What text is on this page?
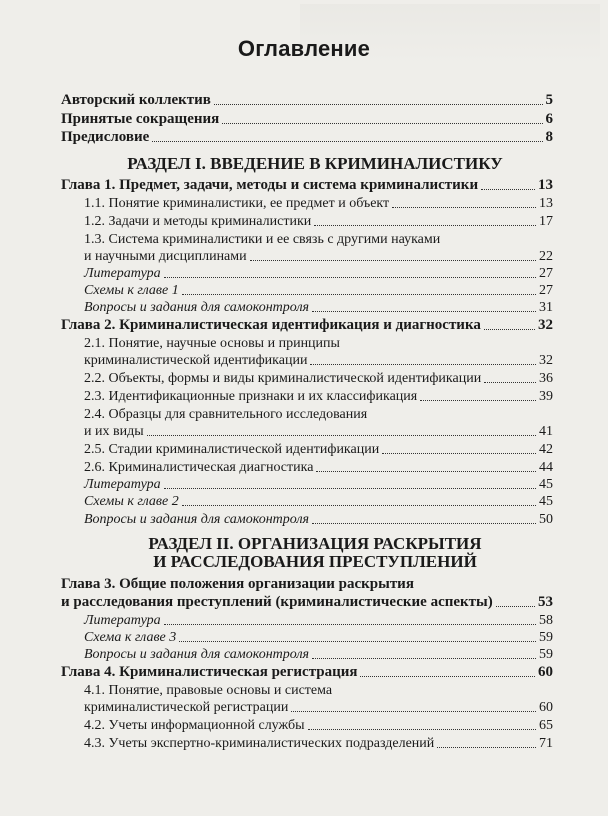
Оглавление
Авторский коллектив	5
Принятые сокращения	6
Предисловие	8
РАЗДЕЛ I. ВВЕДЕНИЕ В КРИМИНАЛИСТИКУ
Глава 1. Предмет, задачи, методы и система криминалистики	13
1.1. Понятие криминалистики, ее предмет и объект	13
1.2. Задачи и методы криминалистики	17
1.3. Система криминалистики и ее связь с другими науками
и научными дисциплинами	22
Литература	27
Схемы к главе 1	27
Вопросы и задания для самоконтроля	31
Глава 2. Криминалистическая идентификация и диагностика	32
2.1. Понятие, научные основы и принципы
криминалистической идентификации	32
2.2. Объекты, формы и виды криминалистической идентификации	36
2.3. Идентификационные признаки и их классификация	39
2.4. Образцы для сравнительного исследования
и их виды	41
2.5. Стадии криминалистической идентификации	42
2.6. Криминалистическая диагностика	44
Литература	45
Схемы к главе 2	45
Вопросы и задания для самоконтроля	50
РАЗДЕЛ II. ОРГАНИЗАЦИЯ РАСКРЫТИЯ
И РАССЛЕДОВАНИЯ ПРЕСТУПЛЕНИЙ
Глава 3. Общие положения организации раскрытия
и расследования преступлений (криминалистические аспекты)	53
Литература	58
Схема к главе 3	59
Вопросы и задания для самоконтроля	59
Глава 4. Криминалистическая регистрация	60
4.1. Понятие, правовые основы и система
криминалистической регистрации	60
4.2. Учеты информационной службы	65
4.3. Учеты экспертно-криминалистических подразделений	71
